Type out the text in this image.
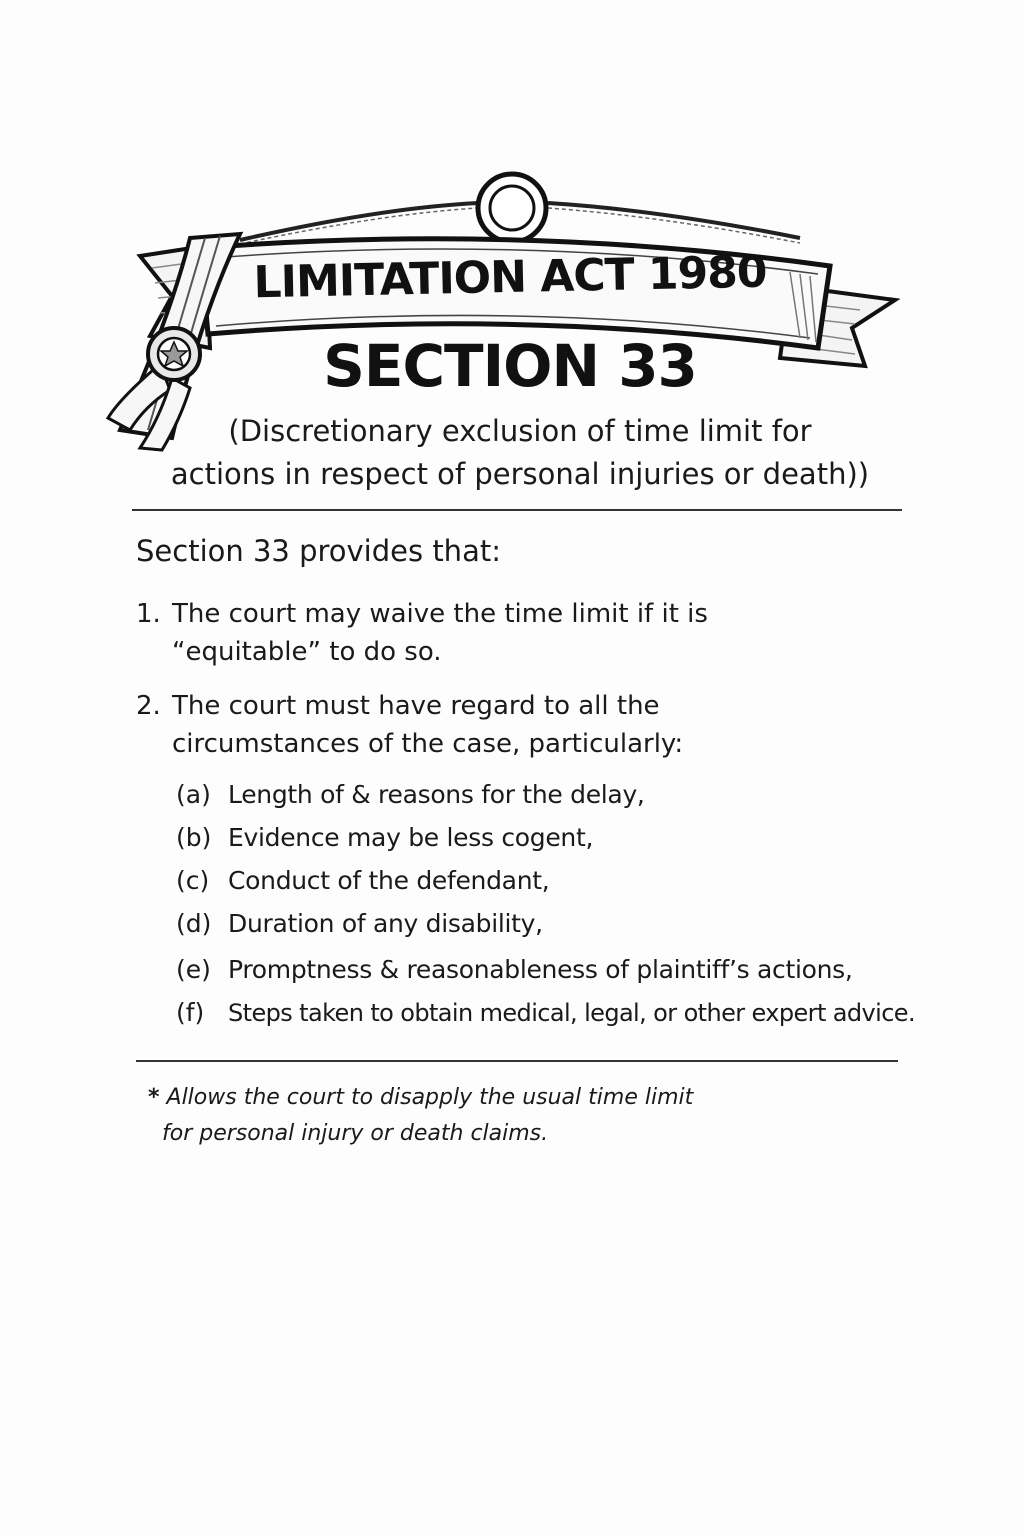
LIMITATION ACT 1980
SECTION 33
(Discretionary exclusion of time limit for
actions in respect of personal injuries or death))
Section 33 provides that:
1. The court may waive the time limit if it is “equitable” to do so.
2. The court must have regard to all the circumstances of the case, particularly:
(a) Length of & reasons for the delay,
(b) Evidence may be less cogent,
(c) Conduct of the defendant,
(d) Duration of any disability,
(e) Promptness & reasonableness of plaintiff’s actions,
(f) Steps taken to obtain medical, legal, or other expert advice.
* Allows the court to disapply the usual time limit
for personal injury or death claims.
